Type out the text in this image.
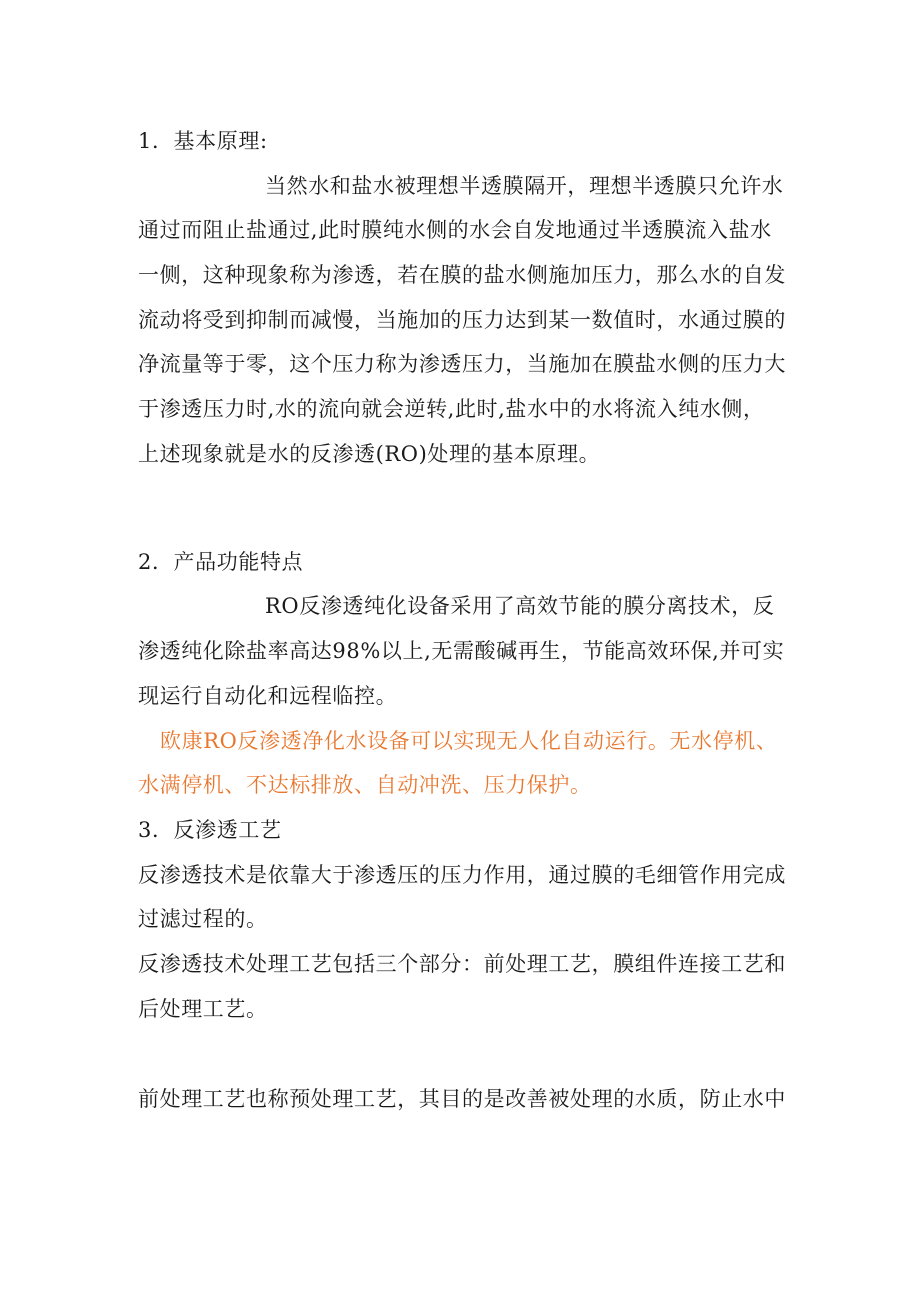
1．基本原理:
当然水和盐水被理想半透膜隔开，理想半透膜只允许水
通过而阻止盐通过,此时膜纯水侧的水会自发地通过半透膜流入盐水
一侧，这种现象称为渗透，若在膜的盐水侧施加压力，那么水的自发
流动将受到抑制而减慢，当施加的压力达到某一数值时，水通过膜的
净流量等于零，这个压力称为渗透压力，当施加在膜盐水侧的压力大
于渗透压力时,水的流向就会逆转,此时,盐水中的水将流入纯水侧，
上述现象就是水的反渗透(RO)处理的基本原理。
2．产品功能特点
RO反渗透纯化设备采用了高效节能的膜分离技术，反
渗透纯化除盐率高达98%以上,无需酸碱再生，节能高效环保,并可实
现运行自动化和远程临控。
欧康RO反渗透净化水设备可以实现无人化自动运行。无水停机、
水满停机、不达标排放、自动冲洗、压力保护。
3．反渗透工艺
反渗透技术是依靠大于渗透压的压力作用，通过膜的毛细管作用完成
过滤过程的。
反渗透技术处理工艺包括三个部分：前处理工艺，膜组件连接工艺和
后处理工艺。
前处理工艺也称预处理工艺，其目的是改善被处理的水质，防止水中
